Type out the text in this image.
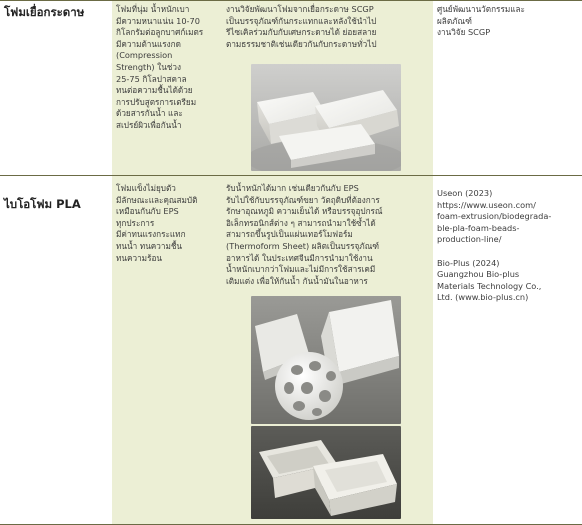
โฟมเยื่อกระดาษ	โฟมที่นุ่ม น้ำหนักเบา
มีความหนาแน่น 10-70
กิโลกรัมต่อลูกบาศก์เมตร
มีความต้านแรงกด
(Compression
Strength) ในช่วง
25-75 กิโลปาสคาล
ทนต่อความชื้นได้ด้วย
การปรับสูตรการเตรียม
ด้วยสารกันน้ำ และ
สเปรย์ผิวเพื่อกันน้ำ
งานวิจัยพัฒนาโฟมจากเยื่อกระดาษ SCGP
เป็นบรรจุภัณฑ์กันกระแทกและหลังใช้นำไป
รีไซเคิลร่วมกับกับเศษกระดาษได้ ย่อยสลาย
ตามธรรมชาติเช่นเดียวกันกับกระดาษทั่วไป
ศูนย์พัฒนานวัตกรรมและ
ผลิตภัณฑ์
งานวิจัย SCGP
ไบโอโฟม PLA
โฟมแข็งไม่ยุบตัว
มีลักษณะและคุณสมบัติ
เหมือนกันกับ EPS
ทุกประการ
มีค่าทนแรงกระแทก
ทนน้ำ ทนความชื้น
ทนความร้อน
รับน้ำหนักได้มาก เช่นเดียวกันกับ EPS
รับไปใช้กับบรรจุภัณฑ์ขยา วัตถุดิบที่ต้องการ
รักษาอุณหภูมิ ความเย็นได้ หรือบรรจุอุปกรณ์
อิเล็กทรอนิกส์ต่าง ๆ สามารถนำมาใช้ซ้ำได้
สามารถขึ้นรูปเป็นแผ่นเทอร์โมฟอร์ม
(Thermoform Sheet) ผลิตเป็นบรรจุภัณฑ์
อาหารได้ ในประเทศจีนมีการนำมาใช้งาน
น้ำหนักเบากว่าโฟมและไม่มีการใช้สารเคมี
เติมแต่ง เพื่อให้กันน้ำ กันน้ำมันในอาหาร
Useon (2023)
https://www.useon.com/
foam-extrusion/biodegrada-
ble-pla-foam-beads-
production-line/

Bio-Plus (2024)
Guangzhou Bio-plus
Materials Technology Co.,
Ltd. (www.bio-plus.cn)
